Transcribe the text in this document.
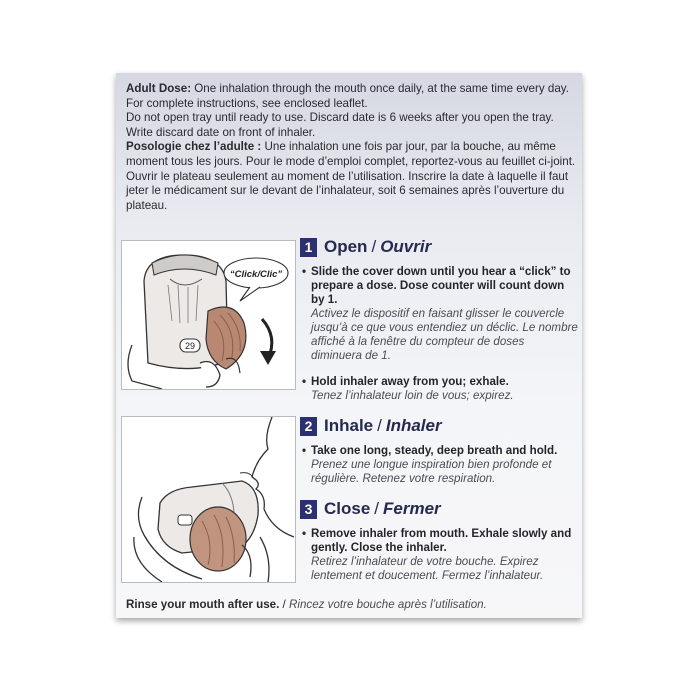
Adult Dose: One inhalation through the mouth once daily, at the same time every day. For complete instructions, see enclosed leaflet.

Do not open tray until ready to use. Discard date is 6 weeks after you open the tray. Write discard date on front of inhaler.

Posologie chez l’adulte : Une inhalation une fois par jour, par la bouche, au même moment tous les jours. Pour le mode d’emploi complet, reportez-vous au feuillet ci-joint. Ouvrir le plateau seulement au moment de l’utilisation. Inscrire la date à laquelle il faut jeter le médicament sur le devant de l’inhalateur, soit 6 semaines après l’ouverture du plateau.

29
“Click/Clic”
1 Open / Ouvrir
• Slide the cover down until you hear a “click” to prepare a dose. Dose counter will count down by 1.
Activez le dispositif en faisant glisser le couvercle jusqu’à ce que vous entendiez un déclic. Le nombre affiché à la fenêtre du compteur de doses diminuera de 1.
• Hold inhaler away from you; exhale.
Tenez l’inhalateur loin de vous; expirez.
2 Inhale / Inhaler
• Take one long, steady, deep breath and hold.
Prenez une longue inspiration bien profonde et régulière. Retenez votre respiration.
3 Close / Fermer
• Remove inhaler from mouth. Exhale slowly and gently. Close the inhaler.
Retirez l’inhalateur de votre bouche. Expirez lentement et doucement. Fermez l’inhalateur.
Rinse your mouth after use. / Rincez votre bouche après l’utilisation.
